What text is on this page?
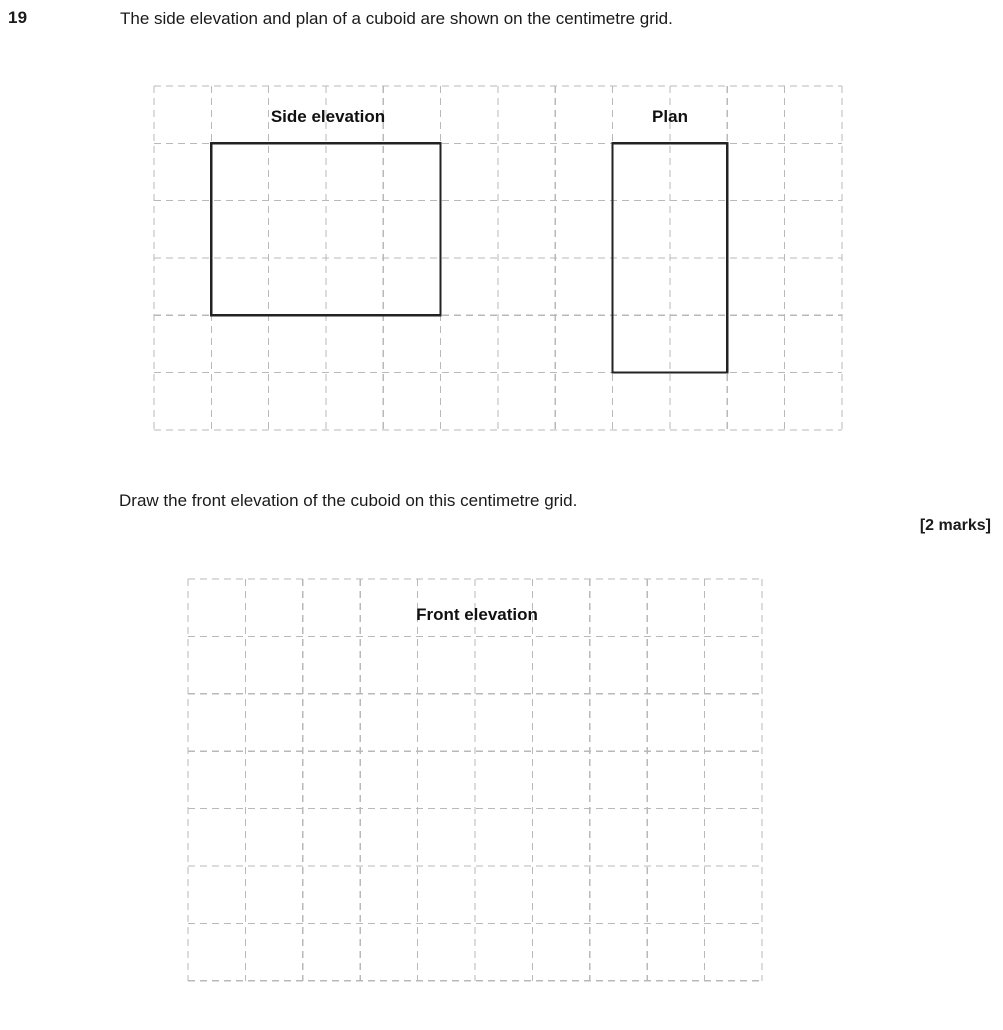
19	The side elevation and plan of a cuboid are shown on the centimetre grid.
Side elevation	Plan
Draw the front elevation of the cuboid on this centimetre grid.
[2 marks]
Front elevation
